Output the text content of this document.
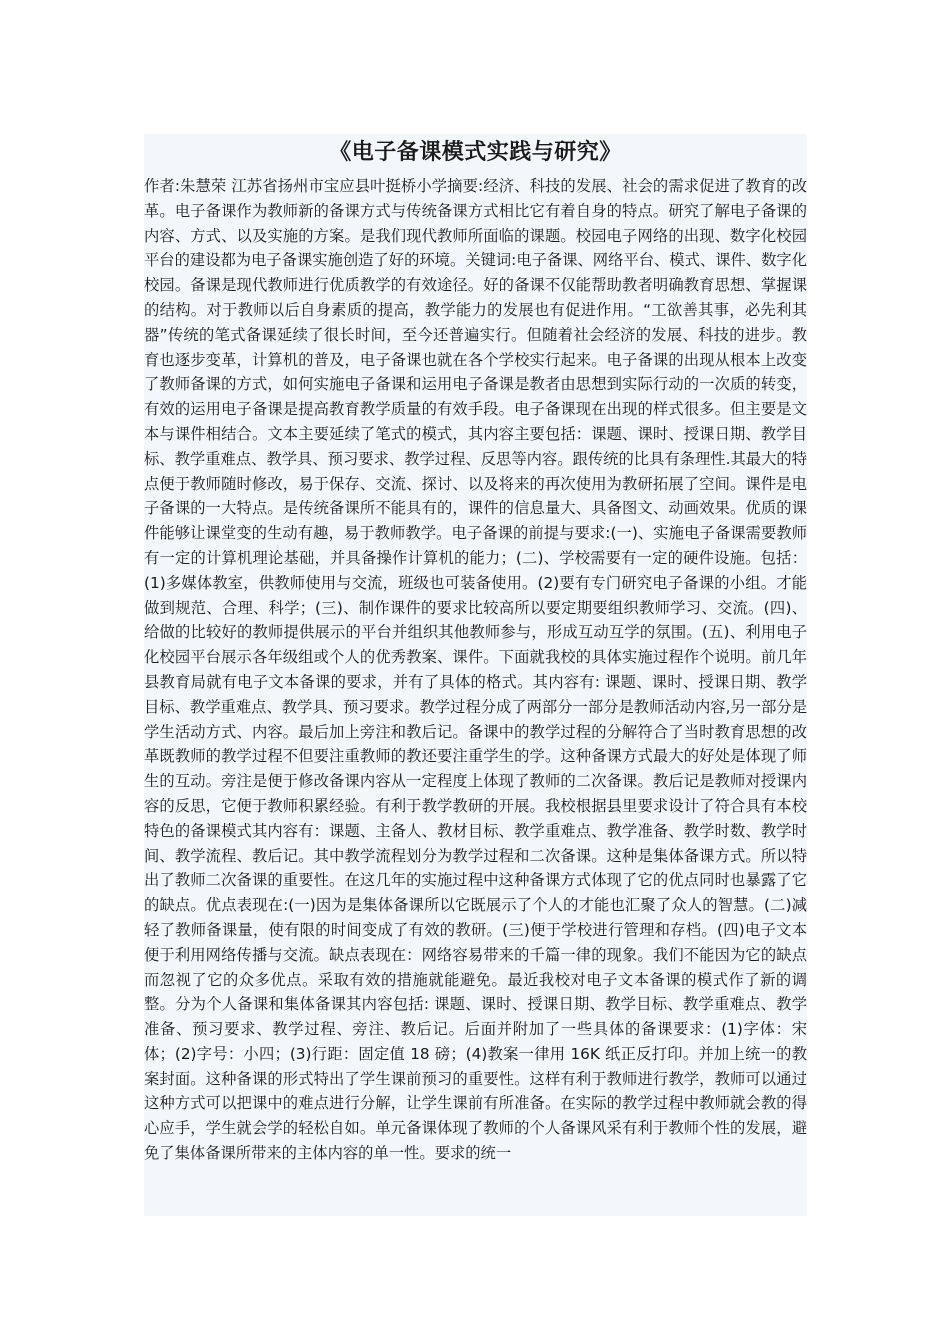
《电子备课模式实践与研究》

作者:朱慧荣 江苏省扬州市宝应县叶挺桥小学摘要:经济、科技的发展、社会的需求促进了教育的改革。电子备课作为教师新的备课方式与传统备课方式相比它有着自身的特点。研究了解电子备课的内容、方式、以及实施的方案。是我们现代教师所面临的课题。校园电子网络的出现、数字化校园平台的建设都为电子备课实施创造了好的环境。关键词:电子备课、网络平台、模式、课件、数字化校园。备课是现代教师进行优质教学的有效途径。好的备课不仅能帮助教者明确教育思想、掌握课的结构。对于教师以后自身素质的提高，教学能力的发展也有促进作用。“工欲善其事，必先利其器”传统的笔式备课延续了很长时间，至今还普遍实行。但随着社会经济的发展、科技的进步。教育也逐步变革，计算机的普及，电子备课也就在各个学校实行起来。电子备课的出现从根本上改变了教师备课的方式，如何实施电子备课和运用电子备课是教者由思想到实际行动的一次质的转变，有效的运用电子备课是提高教育教学质量的有效手段。电子备课现在出现的样式很多。但主要是文本与课件相结合。文本主要延续了笔式的模式，其内容主要包括：课题、课时、授课日期、教学目标、教学重难点、教学具、预习要求、教学过程、反思等内容。跟传统的比具有条理性.其最大的特点便于教师随时修改，易于保存、交流、探讨、以及将来的再次使用为教研拓展了空间。课件是电子备课的一大特点。是传统备课所不能具有的，课件的信息量大、具备图文、动画效果。优质的课件能够让课堂变的生动有趣，易于教师教学。电子备课的前提与要求:(一)、实施电子备课需要教师有一定的计算机理论基础，并具备操作计算机的能力；(二)、学校需要有一定的硬件设施。包括：(1)多媒体教室，供教师使用与交流，班级也可装备使用。(2)要有专门研究电子备课的小组。才能做到规范、合理、科学；(三)、制作课件的要求比较高所以要定期要组织教师学习、交流。(四)、给做的比较好的教师提供展示的平台并组织其他教师参与，形成互动互学的氛围。(五)、利用电子化校园平台展示各年级组或个人的优秀教案、课件。下面就我校的具体实施过程作个说明。前几年县教育局就有电子文本备课的要求，并有了具体的格式。其内容有: 课题、课时、授课日期、教学目标、教学重难点、教学具、预习要求。教学过程分成了两部分一部分是教师活动内容,另一部分是学生活动方式、内容。最后加上旁注和教后记。备课中的教学过程的分解符合了当时教育思想的改革既教师的教学过程不但要注重教师的教还要注重学生的学。这种备课方式最大的好处是体现了师生的互动。旁注是便于修改备课内容从一定程度上体现了教师的二次备课。教后记是教师对授课内容的反思，它便于教师积累经验。有利于教学教研的开展。我校根据县里要求设计了符合具有本校特色的备课模式其内容有：课题、主备人、教材目标、教学重难点、教学准备、教学时数、教学时间、教学流程、教后记。其中教学流程划分为教学过程和二次备课。这种是集体备课方式。所以特出了教师二次备课的重要性。在这几年的实施过程中这种备课方式体现了它的优点同时也暴露了它的缺点。优点表现在:(一)因为是集体备课所以它既展示了个人的才能也汇聚了众人的智慧。(二)减轻了教师备课量，使有限的时间变成了有效的教研。(三)便于学校进行管理和存档。(四)电子文本便于利用网络传播与交流。缺点表现在：网络容易带来的千篇一律的现象。我们不能因为它的缺点而忽视了它的众多优点。采取有效的措施就能避免。最近我校对电子文本备课的模式作了新的调整。分为个人备课和集体备课其内容包括: 课题、课时、授课日期、教学目标、教学重难点、教学准备、预习要求、教学过程、旁注、教后记。后面并附加了一些具体的备课要求：(1)字体：宋体；(2)字号：小四；(3)行距：固定值 18 磅；(4)教案一律用 16K 纸正反打印。并加上统一的教案封面。这种备课的形式特出了学生课前预习的重要性。这样有利于教师进行教学，教师可以通过这种方式可以把课中的难点进行分解，让学生课前有所准备。在实际的教学过程中教师就会教的得心应手，学生就会学的轻松自如。单元备课体现了教师的个人备课风采有利于教师个性的发展，避免了集体备课所带来的主体内容的单一性。要求的统一
